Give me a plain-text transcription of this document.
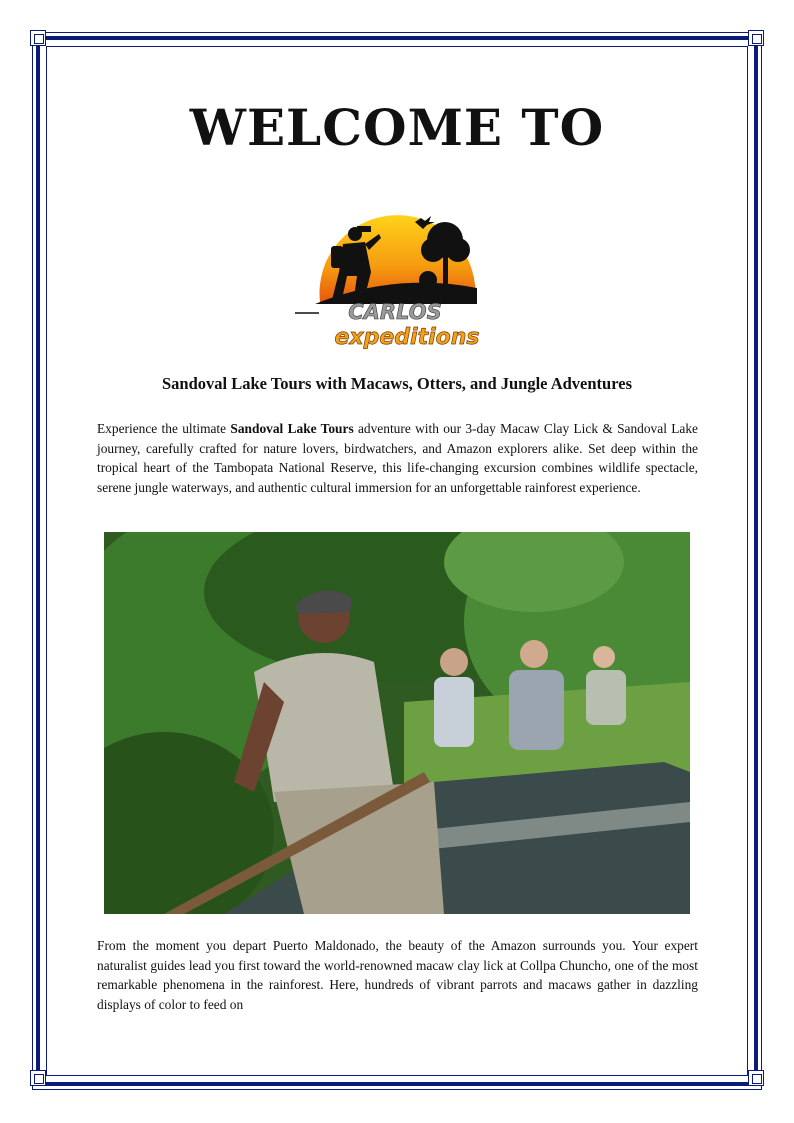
WELCOME TO
CARLOS
expeditions
Sandoval Lake Tours with Macaws, Otters, and Jungle Adventures
Experience the ultimate Sandoval Lake Tours adventure with our 3-day Macaw Clay Lick & Sandoval Lake journey, carefully crafted for nature lovers, birdwatchers, and Amazon explorers alike. Set deep within the tropical heart of the Tambopata National Reserve, this life-changing excursion combines wildlife spectacle, serene jungle waterways, and authentic cultural immersion for an unforgettable rainforest experience.
From the moment you depart Puerto Maldonado, the beauty of the Amazon surrounds you. Your expert naturalist guides lead you first toward the world-renowned macaw clay lick at Collpa Chuncho, one of the most remarkable phenomena in the rainforest. Here, hundreds of vibrant parrots and macaws gather in dazzling displays of color to feed on
